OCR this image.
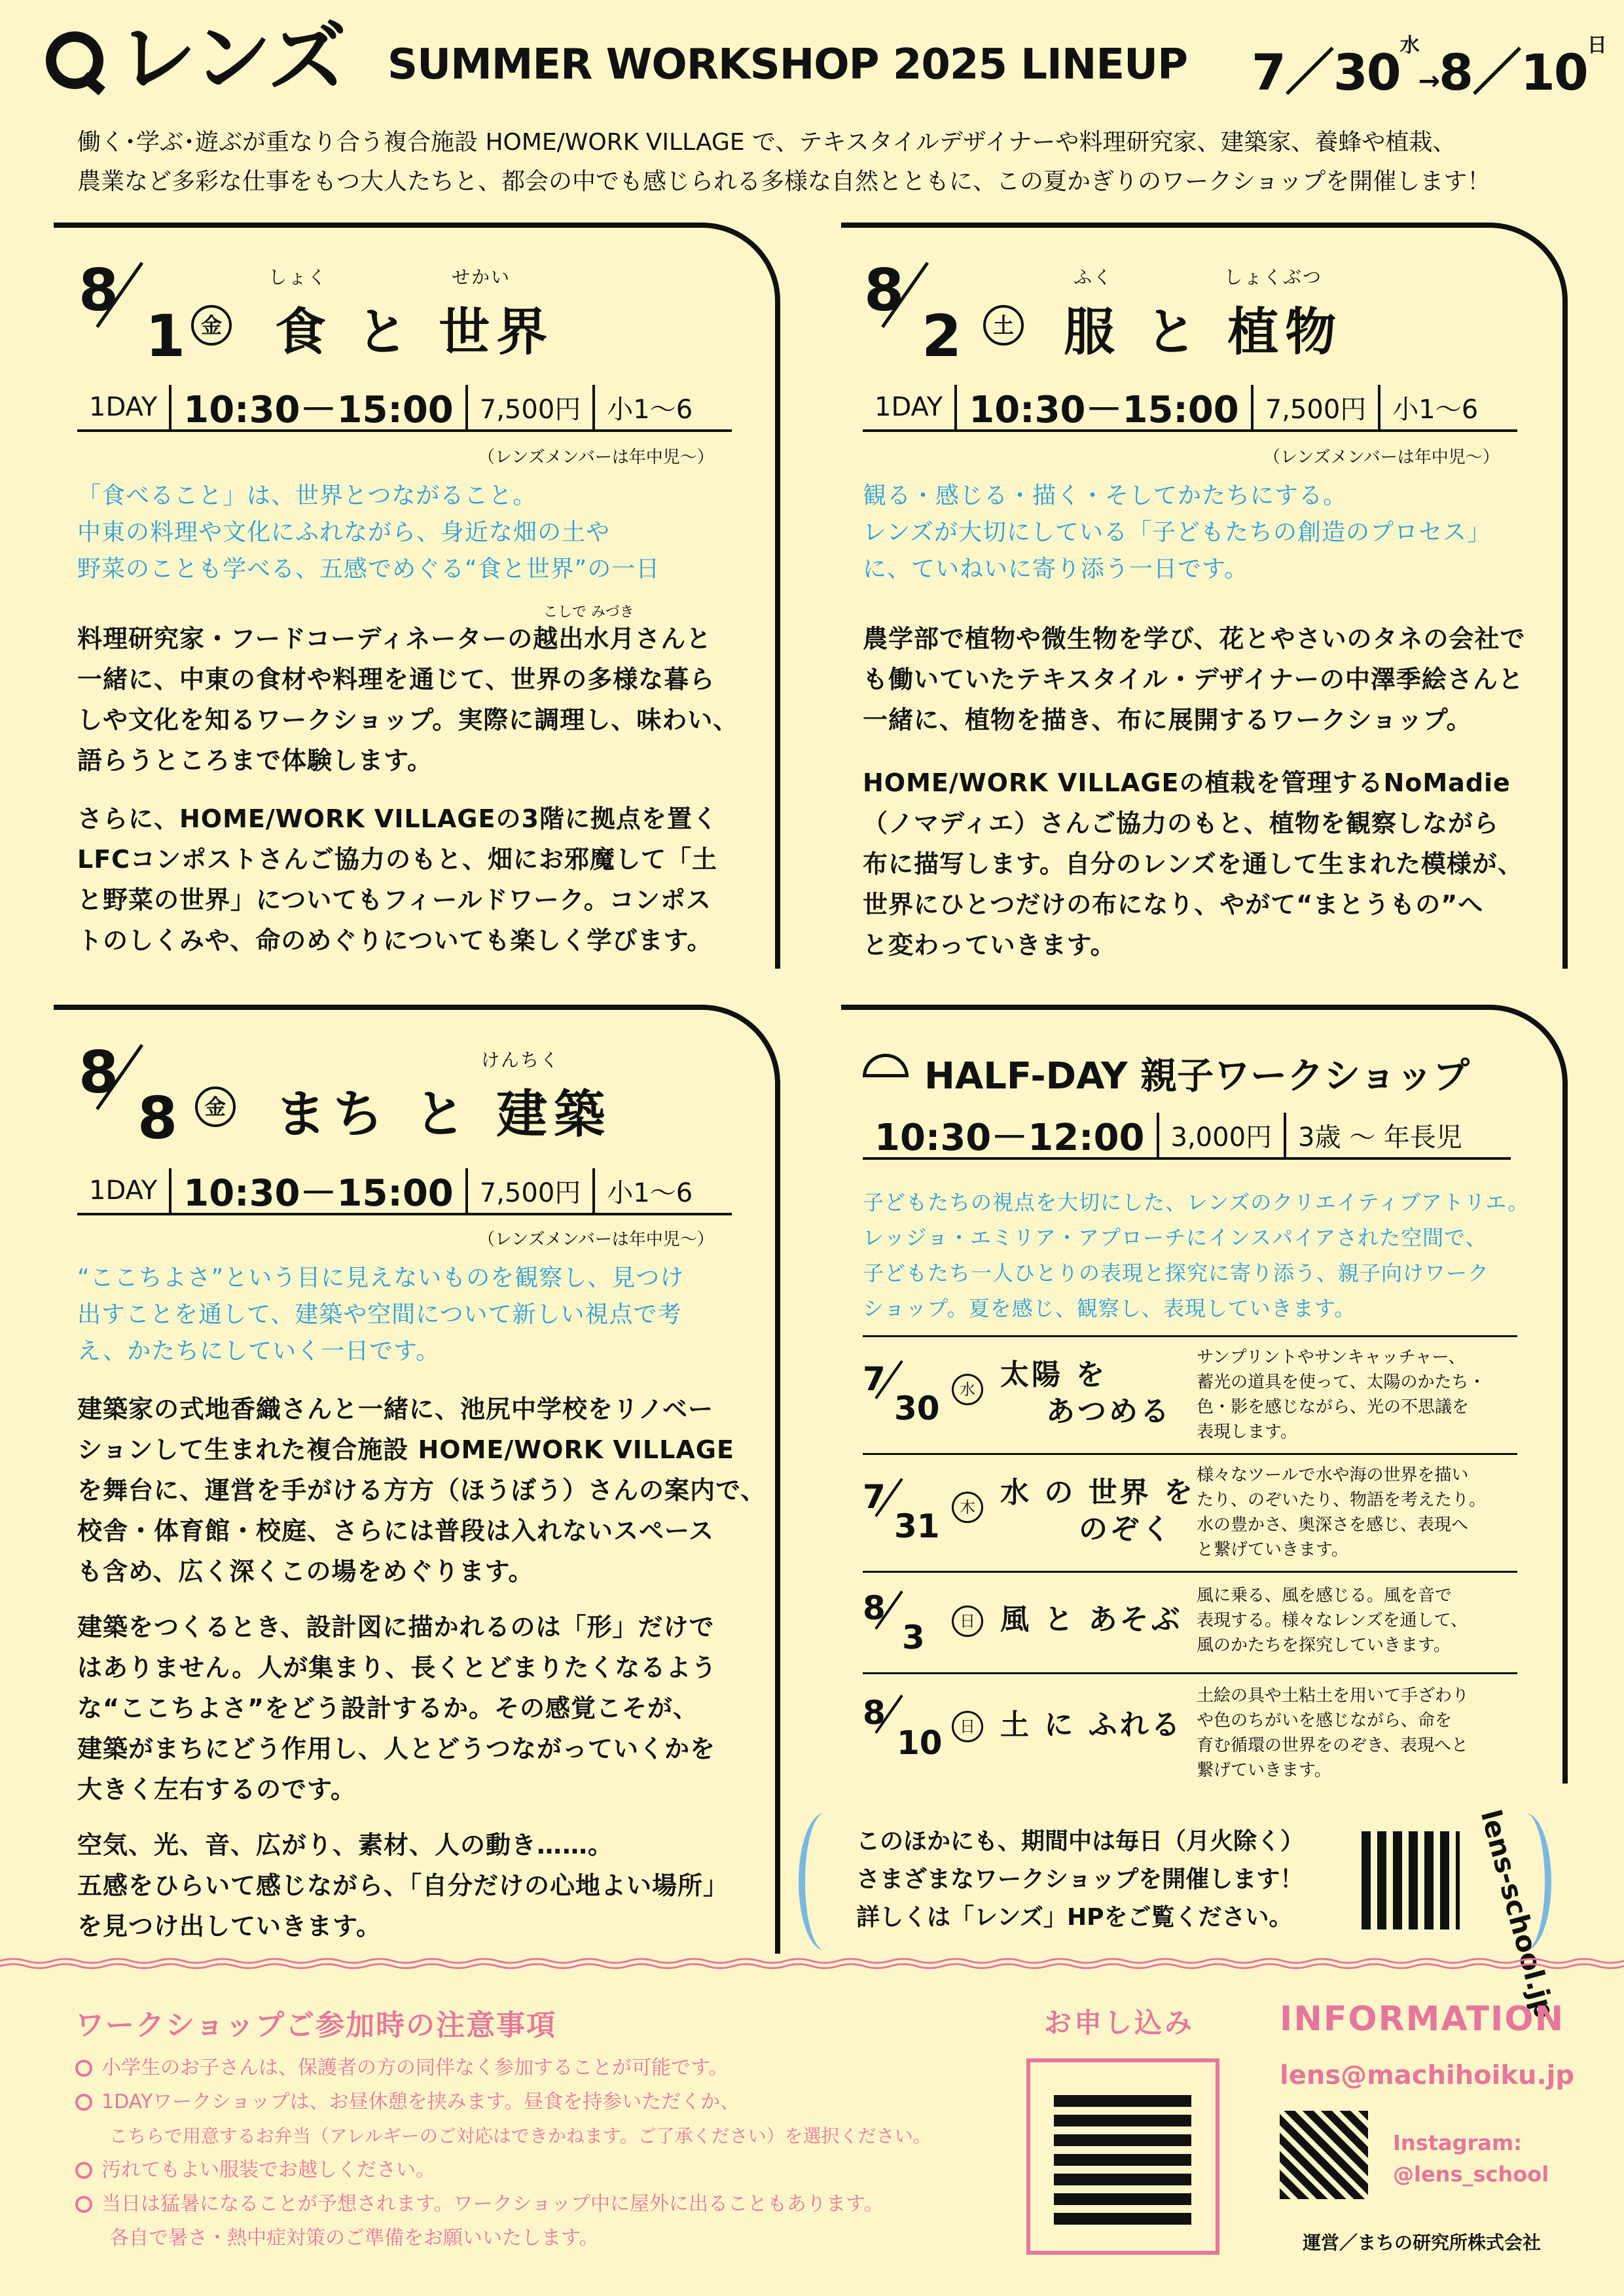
レンズ SUMMER WORKSHOP 2025 LINEUP $7/30^水\to 8/10^日$
働く･学ぶ･遊ぶが重なり合う複合施設 HOME/WORK VILLAGE で、テキスタイルデザイナーや料理研究家、建築家、養蜂や植栽、
農業など多彩な仕事をもつ大人たちと、都会の中でも感じられる多様な自然とともに、この夏かぎりのワークショップを開催します！
8
1 金
しょく	せかい
食 と 世界
1DAY 10:30－15:00	7,500円	小1～6
（レンズメンバーは年中児～）
「食べること」は、世界とつながること。
中東の料理や文化にふれながら、身近な畑の土や
野菜のことも学べる、五感でめぐる“食と世界”の一日
こしで みづき
料理研究家・フードコーディネーターの越出水月さんと
一緒に、中東の食材や料理を通じて、世界の多様な暮ら
しや文化を知るワークショップ。実際に調理し、味わい、
語らうところまで体験します。
さらに、HOME/WORK VILLAGEの3階に拠点を置く
LFCコンポストさんご協力のもと、畑にお邪魔して「土
と野菜の世界」についてもフィールドワーク。コンポス
トのしくみや、命のめぐりについても楽しく学びます。
8
2	土
ふく	しょくぶつ
服 と 植物
1DAY 10:30－15:00	7,500円	小1～6
（レンズメンバーは年中児～）
観る・感じる・描く・そしてかたちにする。
レンズが大切にしている「子どもたちの創造のプロセス」
に、ていねいに寄り添う一日です。
農学部で植物や微生物を学び、花とやさいのタネの会社で
も働いていたテキスタイル・デザイナーの中澤季絵さんと
一緒に、植物を描き、布に展開するワークショップ。
HOME/WORK VILLAGEの植栽を管理するNoMadie
（ノマディエ）さんご協力のもと、植物を観察しながら
布に描写します。自分のレンズを通して生まれた模様が、
世界にひとつだけの布になり、やがて“まとうもの”へ
と変わっていきます。
8
8	金
けんちく
まち と 建築
1DAY 10:30－15:00	7,500円	小1～6
（レンズメンバーは年中児～）
“ここちよさ”という目に見えないものを観察し、見つけ
出すことを通して、建築や空間について新しい視点で考
え、かたちにしていく一日です。
建築家の式地香織さんと一緒に、池尻中学校をリノベー
ションして生まれた複合施設 HOME/WORK VILLAGE
を舞台に、運営を手がける方方（ほうぼう）さんの案内で、
校舎・体育館・校庭、さらには普段は入れないスペース
も含め、広く深くこの場をめぐります。
建築をつくるとき、設計図に描かれるのは「形」だけで
はありません。人が集まり、長くとどまりたくなるよう
な“ここちよさ”をどう設計するか。その感覚こそが、
建築がまちにどう作用し、人とどうつながっていくかを
大きく左右するのです。
空気、光、音、広がり、素材、人の動き……。
五感をひらいて感じながら、「自分だけの心地よい場所」
を見つけ出していきます。
HALF-DAY 親子ワークショップ
10:30－12:00	3,000円	3歳 ～ 年長児
子どもたちの視点を大切にした、レンズのクリエイティブアトリエ。
レッジョ・エミリア・アプローチにインスパイアされた空間で、
子どもたち一人ひとりの表現と探究に寄り添う、親子向けワーク
ショップ。夏を感じ、観察し、表現していきます。
7
30	水 太陽 を
あつめる
サンプリントやサンキャッチャー、
蓄光の道具を使って、太陽のかたち・
色・影を感じながら、光の不思議を
表現します。
7
31	木 水 の 世界 を
のぞく
様々なツールで水や海の世界を描い
たり、のぞいたり、物語を考えたり。
水の豊かさ、奥深さを感じ、表現へ
と繋げていきます。
8
3	日 風 と あそぶ
風に乗る、風を感じる。風を音で
表現する。様々なレンズを通して、
風のかたちを探究していきます。
8
10	日 土 に ふれる
土絵の具や土粘土を用いて手ざわり
や色のちがいを感じながら、命を
育む循環の世界をのぞき、表現へと
繋げていきます。
このほかにも、期間中は毎日（月火除く）
さまざまなワークショップを開催します！
詳しくは「レンズ」HPをご覧ください。	lens-school.jp
ワークショップご参加時の注意事項
小学生のお子さんは、保護者の方の同伴なく参加することが可能です。
1DAYワークショップは、お昼休憩を挟みます。昼食を持参いただくか、
こちらで用意するお弁当（アレルギーのご対応はできかねます。ご了承ください）を選択ください。
汚れてもよい服装でお越しください。
当日は猛暑になることが予想されます。ワークショップ中に屋外に出ることもあります。
各自で暑さ・熱中症対策のご準備をお願いいたします。
お申し込み INFORMATION
lens@machihoiku.jp
Instagram:
@lens_school
運営／まちの研究所株式会社
